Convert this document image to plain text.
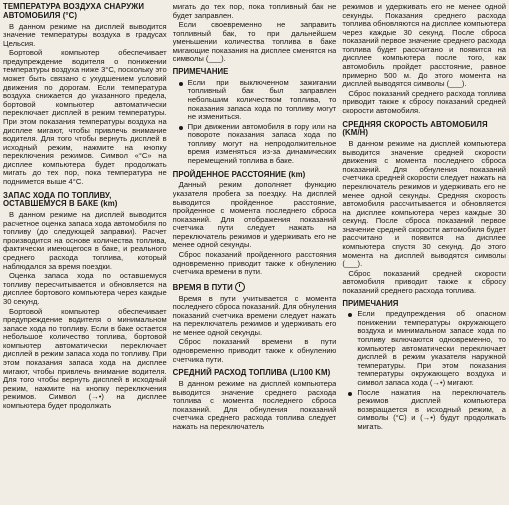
ТЕМПЕРАТУРА ВОЗДУХА СНАРУЖИ АВТОМОБИЛЯ (°C)

В данном режиме на дисплей выводится значение температуры воздуха в градусах Цельсия.

Бортовой компьютер обеспечивает предупреждение водителя о понижении температуры воздуха ниже 3°C, поскольку это может быть связано с ухудшением условий движения по дорогам. Если температура воздуха снижается до указанного предела, бортовой компьютер автоматически переключает дисплей в режим температуры. При этом показания температуры воздуха на дисплее мигают, чтобы привлечь внимание водителя. Для того чтобы вернуть дисплей в исходный режим, нажмите на кнопку переключения режимов. Символ «°C» на дисплее компьютера будет продолжать мигать до тех пор, пока температура не поднимется выше 4°C.

ЗАПАС ХОДА ПО ТОПЛИВУ, ОСТАВШЕМУСЯ В БАКЕ (km)

В данном режиме на дисплей выводится расчетное оценка запаса хода автомобиля по топливу (до следующей заправки). Расчет производится на основе количества топлива, фактически имеющегося в баке, и реального среднего расхода топлива, который наблюдался за время поездки.

Оценка запаса хода по оставшемуся топливу пересчитывается и обновляется на дисплее бортового компьютера через каждые 30 секунд.

Бортовой компьютер обеспечивает предупреждение водителя о минимальном запасе хода по топливу. Если в баке остается небольшое количество топлива, бортовой компьютер автоматически переключает дисплей в режим запаса хода по топливу. При этом показания запаса хода на дисплее мигают, чтобы привлечь внимание водителя. Для того чтобы вернуть дисплей в исходный режим, нажмите на кнопку переключения режимов. Символ (→•) на дисплее компьютера будет продолжать

мигать до тех пор, пока топливный бак не будет заправлен.

Если своевременно не заправить топливный бак, то при дальнейшем уменьшении количества топлива в баке мигающие показания на дисплее сменятся на символы (___).

ПРИМЕЧАНИЕ
Если при выключенном зажигании топливный бак был заправлен небольшим количеством топлива, то показания запаса хода по топливу могут не измениться.
При движении автомобиля в гору или на повороте показания запаса хода по топливу могут на непродолжительное время изменяться из-за динамических перемещений топлива в баке.
ПРОЙДЕННОЕ РАССТОЯНИЕ (km)

Данный режим дополняет функцию указателя пробега за поездку. На дисплей выводится пройденное расстояние, пройденное с момента последнего сброса показаний. Для отображения показаний счетчика пути следует нажать на переключатель режимов и удерживать его не менее одной секунды.

Сброс показаний пройденного расстояния одновременно приводит также к обнулению счетчика времени в пути.

ВРЕМЯ В ПУТИ

Время в пути учитывается с момента последнего сброса показаний. Для обнуления показаний счетчика времени следует нажать на переключатель режимов и удерживать его не менее одной секунды.

Сброс показаний времени в пути одновременно приводит также к обнулению счетчика пути.

СРЕДНИЙ РАСХОД ТОПЛИВА (L/100 KM)

В данном режиме на дисплей компьютера выводится значение среднего расхода топлива с момента последнего сброса показаний. Для обнуления показаний счетчика среднего расхода топлива следует нажать на переключатель

режимов и удерживать его не менее одной секунды. Показания среднего расхода топлива обновляются на дисплее компьютера через каждые 30 секунд. После сброса показаний первое значение среднего расхода топлива будет рассчитано и появится на дисплее компьютера после того, как автомобиль пройдет расстояние, равное примерно 500 м. До этого момента на дисплей выводятся символы (___).

Сброс показаний среднего расхода топлива приводит также к сбросу показаний средней скорости автомобиля.

СРЕДНЯЯ СКОРОСТЬ АВТОМОБИЛЯ (KM/H)

В данном режиме на дисплей компьютера выводится значение средней скорости движения с момента последнего сброса показаний. Для обнуления показаний счетчика средней скорости следует нажать на переключатель режимов и удерживать его не менее одной секунды. Средняя скорость автомобиля рассчитывается и обновляется на дисплее компьютера через каждые 30 секунд. После сброса показаний первое значение средней скорости автомобиля будет рассчитано и появится на дисплее компьютера спустя 30 секунд. До этого момента на дисплей выводятся символы (___).

Сброс показаний средней скорости автомобиля приводит также к сбросу показаний среднего расхода топлива.

ПРИМЕЧАНИЯ
Если предупреждения об опасном понижении температуры окружающего воздуха и минимальном запасе хода по топливу включаются одновременно, то компьютер автоматически переключает дисплей в режим указателя наружной температуры. При этом показания температуры окружающего воздуха и символ запаса хода (→•) мигают.
После нажатия на переключатель режимов дисплей компьютера возвращается в исходный режим, а символы (°C) и (→•) будут продолжать мигать.
